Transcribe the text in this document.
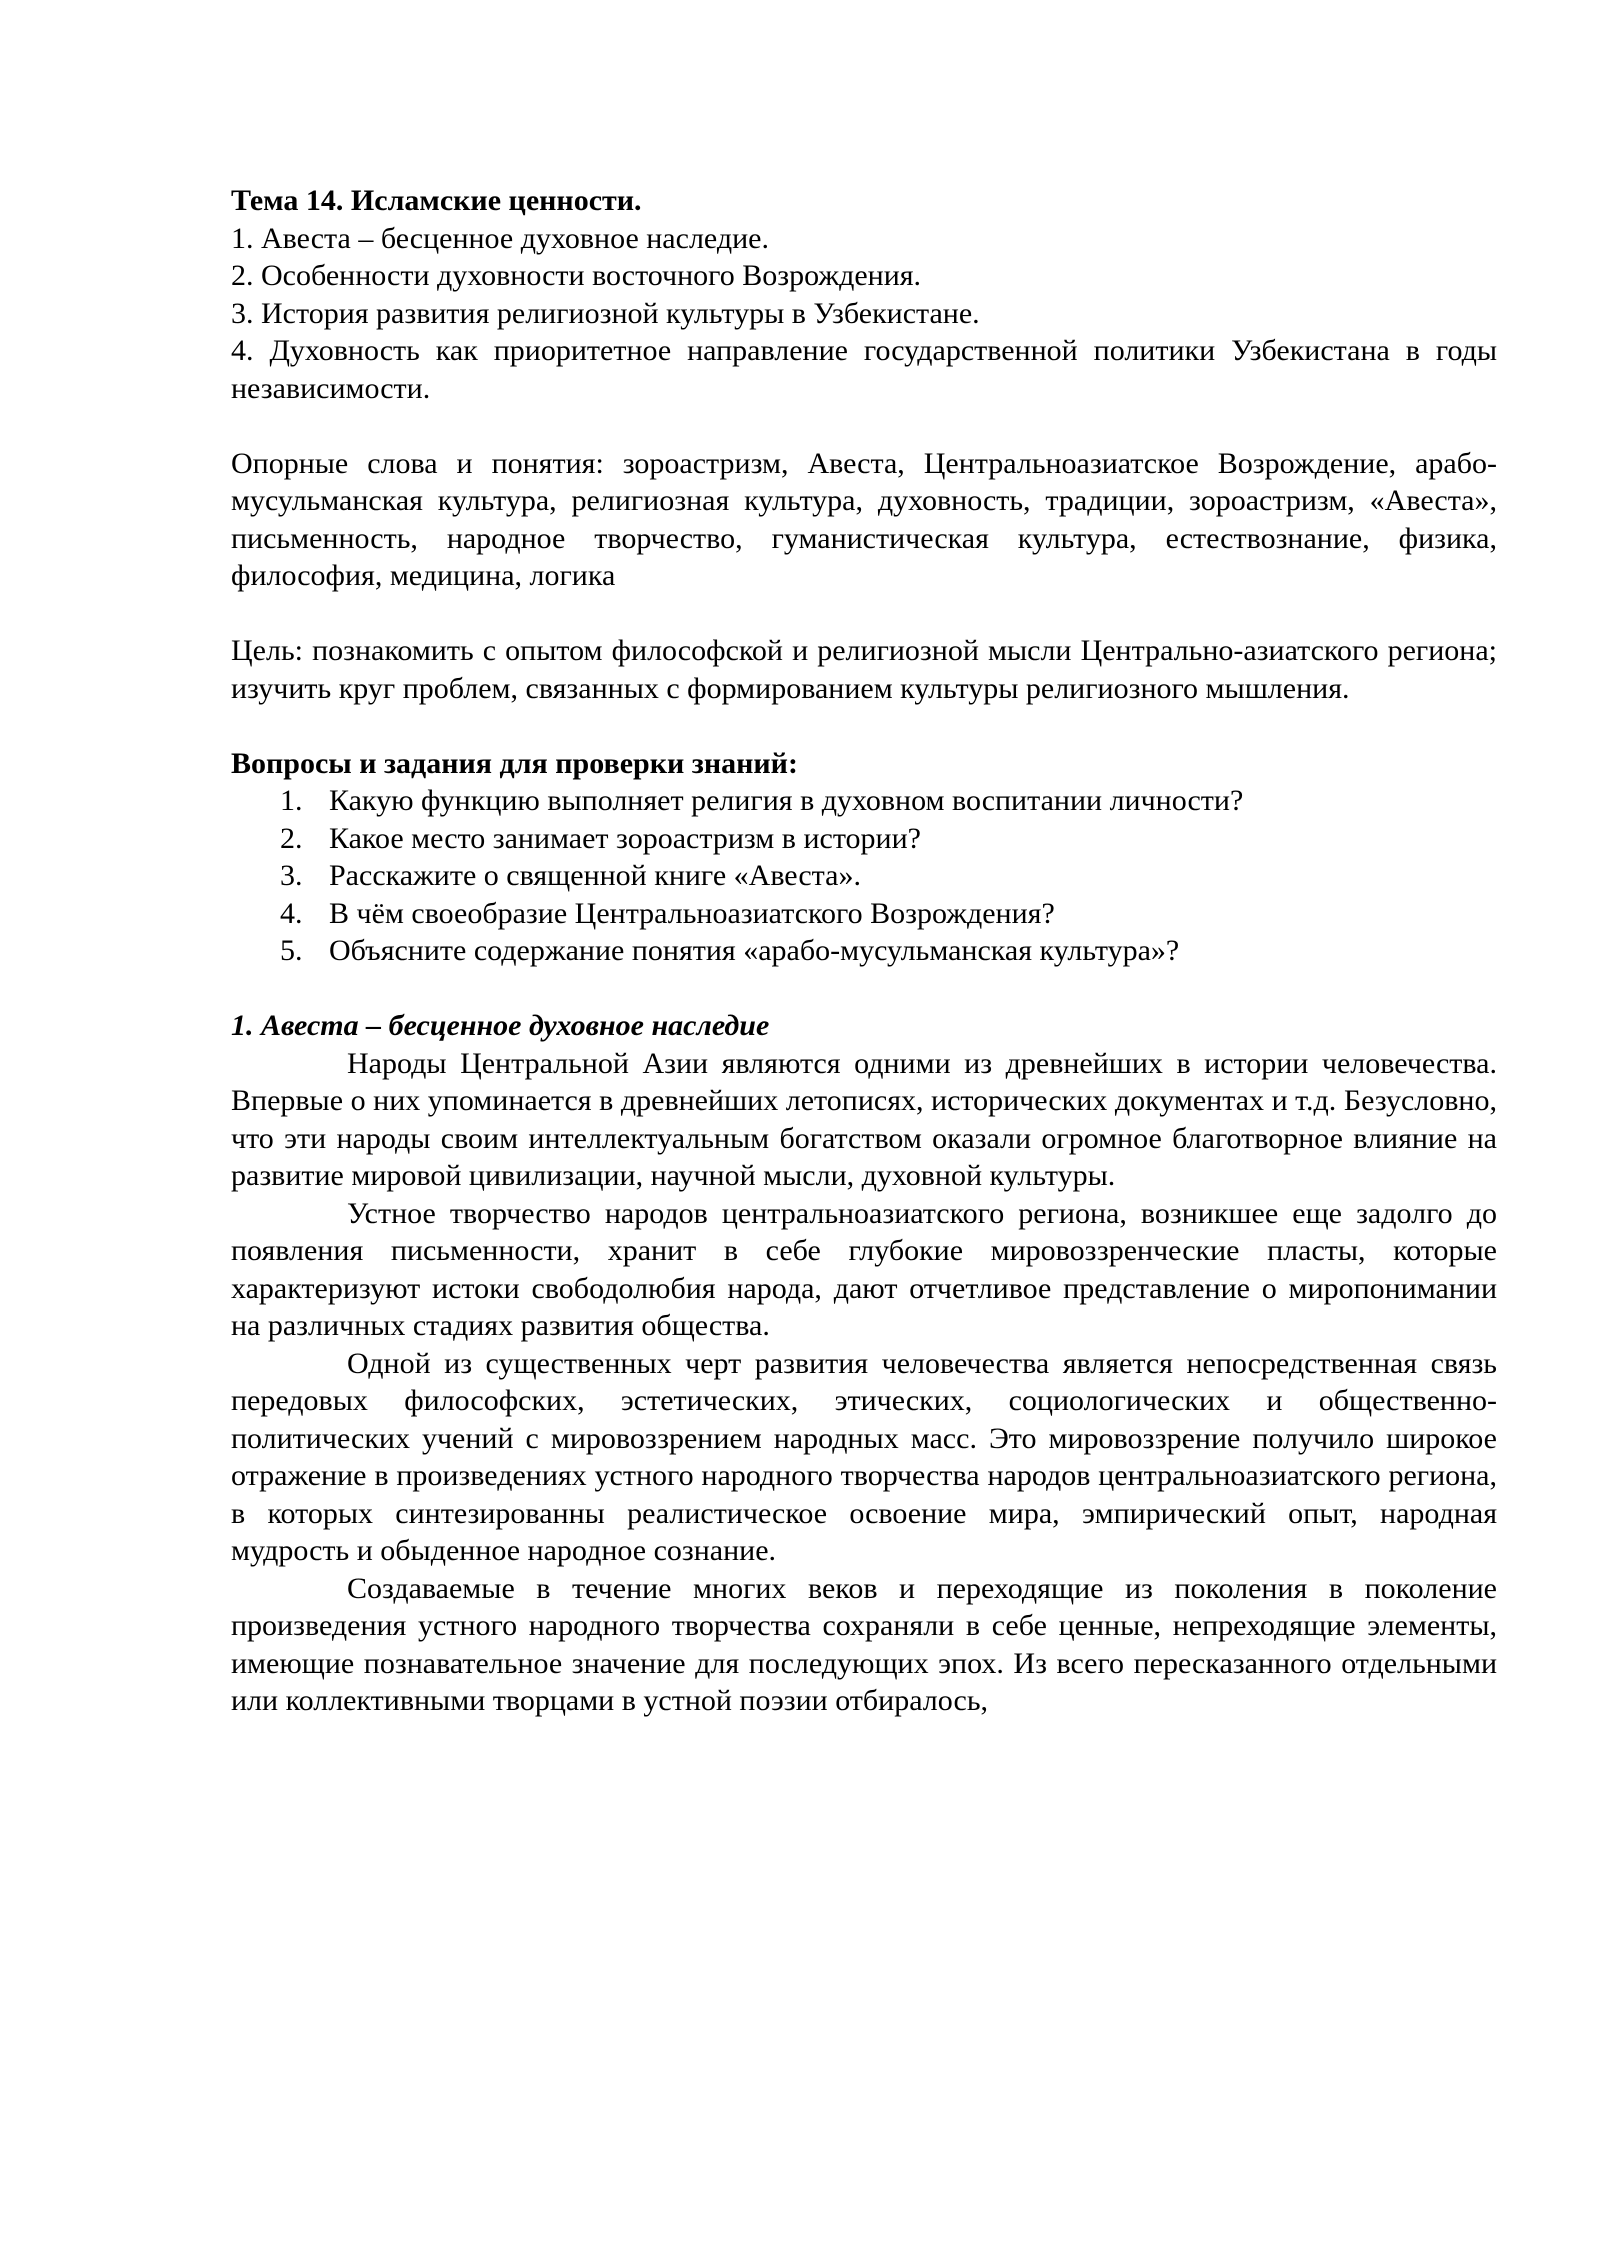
Тема 14. Исламские ценности.

1. Авеста – бесценное духовное наследие.

2. Особенности духовности восточного Возрождения.

3. История развития религиозной культуры в Узбекистане.

4. Духовность как приоритетное направление государственной политики Узбекистана в годы независимости.

Опорные слова и понятия: зороастризм, Авеста, Центральноазиатское Возрождение, арабо-мусульманская культура, религиозная культура, духовность, традиции, зороастризм, «Авеста», письменность, народное творчество, гуманистическая культура, естествознание, физика, философия, медицина, логика

Цель: познакомить с опытом философской и религиозной мысли Центрально-азиатского региона; изучить круг проблем, связанных с формированием культуры религиозного мышления.

Вопросы и задания для проверки знаний:

1. Какую функцию выполняет религия в духовном воспитании личности?
2. Какое место занимает зороастризм в истории?
3. Расскажите о священной книге «Авеста».
4. В чём своеобразие Центральноазиатского Возрождения?
5. Объясните содержание понятия «арабо-мусульманская культура»?

1. Авеста – бесценное духовное наследие

Народы Центральной Азии являются одними из древнейших в истории человечества. Впервые о них упоминается в древнейших летописях, исторических документах и т.д. Безусловно, что эти народы своим интеллектуальным богатством оказали огромное благотворное влияние на развитие мировой цивилизации, научной мысли, духовной культуры.

Устное творчество народов центральноазиатского региона, возникшее еще задолго до появления письменности, хранит в себе глубокие мировоззренческие пласты, которые характеризуют истоки свободолюбия народа, дают отчетливое представление о миропонимании на различных стадиях развития общества.

Одной из существенных черт развития человечества является непосредственная связь передовых философских, эстетических, этических, социологических и общественно-политических учений с мировоззрением народных масс. Это мировоззрение получило широкое отражение в произведениях устного народного творчества народов центральноазиатского региона, в которых синтезированны реалистическое освоение мира, эмпирический опыт, народная мудрость и обыденное народное сознание.

Создаваемые в течение многих веков и переходящие из поколения в поколение произведения устного народного творчества сохраняли в себе ценные, непреходящие элементы, имеющие познавательное значение для последующих эпох. Из всего пересказанного отдельными или коллективными творцами в устной поэзии отбиралось,
